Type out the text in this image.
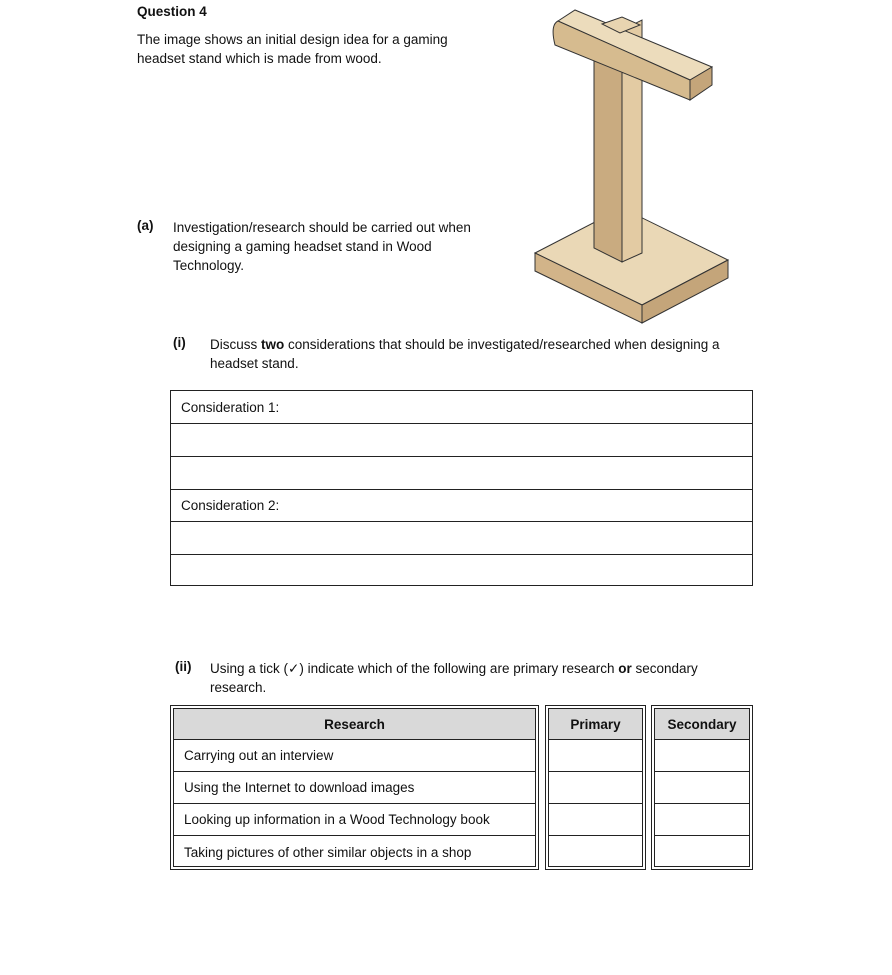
Question 4
The image shows an initial design idea for a gaming headset stand which is made from wood.
(a) Investigation/research should be carried out when designing a gaming headset stand in Wood Technology.
(i) Discuss two considerations that should be investigated/researched when designing a headset stand.
Consideration 1:
Consideration 2:
(ii) Using a tick (✓) indicate which of the following are primary research or secondary research.
Research
Carrying out an interview
Using the Internet to download images
Looking up information in a Wood Technology book
Taking pictures of other similar objects in a shop
Primary	Secondary
